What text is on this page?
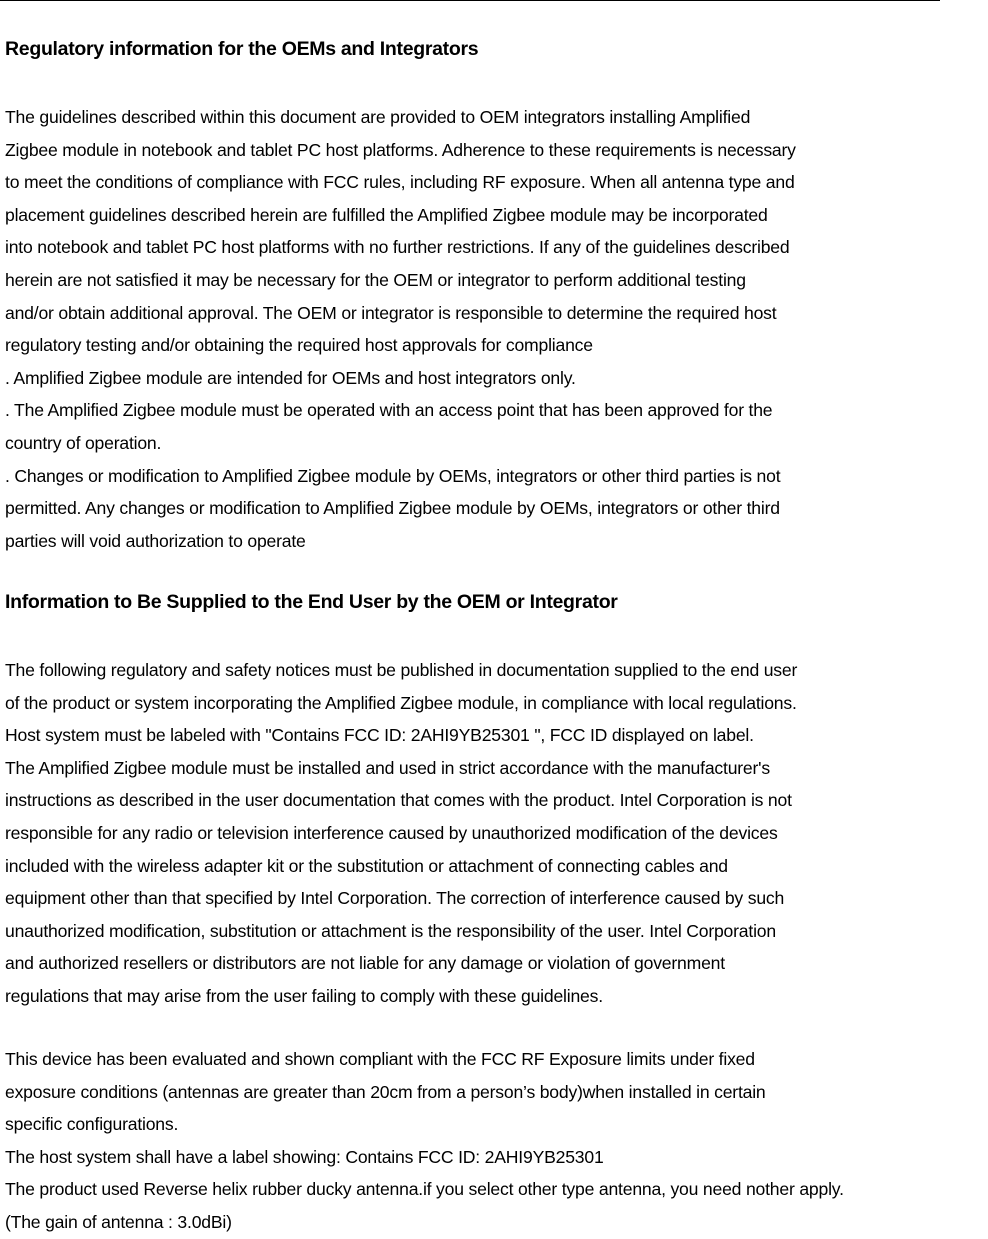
Regulatory information for the OEMs and Integrators
The guidelines described within this document are provided to OEM integrators installing Amplified
Zigbee module in notebook and tablet PC host platforms. Adherence to these requirements is necessary
to meet the conditions of compliance with FCC rules, including RF exposure. When all antenna type and
placement guidelines described herein are fulfilled the Amplified Zigbee module may be incorporated
into notebook and tablet PC host platforms with no further restrictions. If any of the guidelines described
herein are not satisfied it may be necessary for the OEM or integrator to perform additional testing
and/or obtain additional approval. The OEM or integrator is responsible to determine the required host
regulatory testing and/or obtaining the required host approvals for compliance
. Amplified Zigbee module are intended for OEMs and host integrators only.
. The Amplified Zigbee module must be operated with an access point that has been approved for the
country of operation.
. Changes or modification to Amplified Zigbee module by OEMs, integrators or other third parties is not
permitted. Any changes or modification to Amplified Zigbee module by OEMs, integrators or other third
parties will void authorization to operate
Information to Be Supplied to the End User by the OEM or Integrator
The following regulatory and safety notices must be published in documentation supplied to the end user
of the product or system incorporating the Amplified Zigbee module, in compliance with local regulations.
Host system must be labeled with "Contains FCC ID: 2AHI9YB25301 ", FCC ID displayed on label.
The Amplified Zigbee module must be installed and used in strict accordance with the manufacturer's
instructions as described in the user documentation that comes with the product. Intel Corporation is not
responsible for any radio or television interference caused by unauthorized modification of the devices
included with the wireless adapter kit or the substitution or attachment of connecting cables and
equipment other than that specified by Intel Corporation. The correction of interference caused by such
unauthorized modification, substitution or attachment is the responsibility of the user. Intel Corporation
and authorized resellers or distributors are not liable for any damage or violation of government
regulations that may arise from the user failing to comply with these guidelines.
This device has been evaluated and shown compliant with the FCC RF Exposure limits under fixed
exposure conditions (antennas are greater than 20cm from a person’s body)when installed in certain
specific configurations.
The host system shall have a label showing: Contains FCC ID: 2AHI9YB25301
The product used Reverse helix rubber ducky antenna.if you select other type antenna, you need nother apply.
(The gain of antenna : 3.0dBi)
